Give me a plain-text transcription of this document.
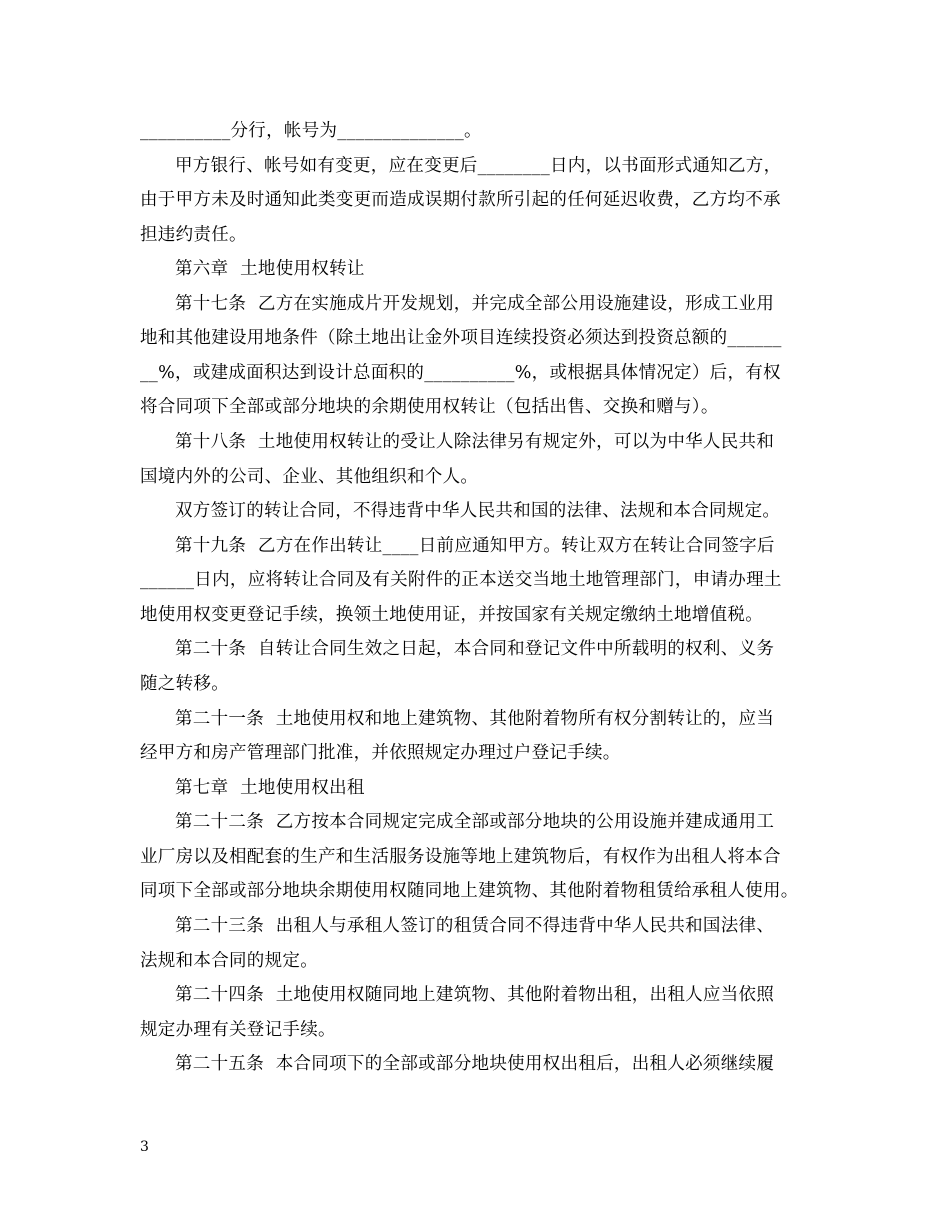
__________分行，帐号为______________。
甲方银行、帐号如有变更，应在变更后________日内，以书面形式通知乙方，
由于甲方未及时通知此类变更而造成误期付款所引起的任何延迟收费，乙方均不承
担违约责任。
第六章  土地使用权转让
第十七条  乙方在实施成片开发规划，并完成全部公用设施建设，形成工业用
地和其他建设用地条件（除土地出让金外项目连续投资必须达到投资总额的______
__%，或建成面积达到设计总面积的__________%，或根据具体情况定）后，有权
将合同项下全部或部分地块的余期使用权转让（包括出售、交换和赠与）。
第十八条  土地使用权转让的受让人除法律另有规定外，可以为中华人民共和
国境内外的公司、企业、其他组织和个人。
双方签订的转让合同，不得违背中华人民共和国的法律、法规和本合同规定。
第十九条  乙方在作出转让____日前应通知甲方。转让双方在转让合同签字后
______日内，应将转让合同及有关附件的正本送交当地土地管理部门，申请办理土
地使用权变更登记手续，换领土地使用证，并按国家有关规定缴纳土地增值税。
第二十条  自转让合同生效之日起，本合同和登记文件中所载明的权利、义务
随之转移。
第二十一条  土地使用权和地上建筑物、其他附着物所有权分割转让的，应当
经甲方和房产管理部门批准，并依照规定办理过户登记手续。
第七章  土地使用权出租
第二十二条  乙方按本合同规定完成全部或部分地块的公用设施并建成通用工
业厂房以及相配套的生产和生活服务设施等地上建筑物后，有权作为出租人将本合
同项下全部或部分地块余期使用权随同地上建筑物、其他附着物租赁给承租人使用。
第二十三条  出租人与承租人签订的租赁合同不得违背中华人民共和国法律、
法规和本合同的规定。
第二十四条  土地使用权随同地上建筑物、其他附着物出租，出租人应当依照
规定办理有关登记手续。
第二十五条  本合同项下的全部或部分地块使用权出租后，出租人必须继续履
3
